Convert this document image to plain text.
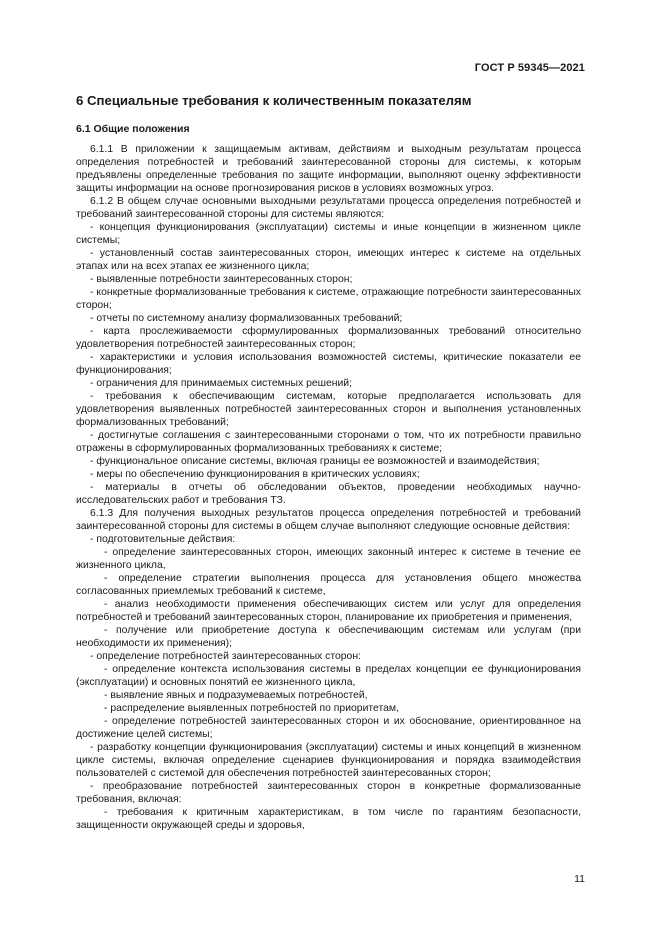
ГОСТ Р 59345—2021
6 Специальные требования к количественным показателям
6.1 Общие положения

6.1.1 В приложении к защищаемым активам, действиям и выходным результатам процесса определения потребностей и требований заинтересованной стороны для системы, к которым предъявлены определенные требования по защите информации, выполняют оценку эффективности защиты информации на основе прогнозирования рисков в условиях возможных угроз.

6.1.2 В общем случае основными выходными результатами процесса определения потребностей и требований заинтересованной стороны для системы являются:

- концепция функционирования (эксплуатации) системы и иные концепции в жизненном цикле системы;

- установленный состав заинтересованных сторон, имеющих интерес к системе на отдельных этапах или на всех этапах ее жизненного цикла;

- выявленные потребности заинтересованных сторон;

- конкретные формализованные требования к системе, отражающие потребности заинтересованных сторон;

- отчеты по системному анализу формализованных требований;

- карта прослеживаемости сформулированных формализованных требований относительно удовлетворения потребностей заинтересованных сторон;

- характеристики и условия использования возможностей системы, критические показатели ее функционирования;

- ограничения для принимаемых системных решений;

- требования к обеспечивающим системам, которые предполагается использовать для удовлетворения выявленных потребностей заинтересованных сторон и выполнения установленных формализованных требований;

- достигнутые соглашения с заинтересованными сторонами о том, что их потребности правильно отражены в сформулированных формализованных требованиях к системе;

- функциональное описание системы, включая границы ее возможностей и взаимодействия;

- меры по обеспечению функционирования в критических условиях;

- материалы в отчеты об обследовании объектов, проведении необходимых научно-исследовательских работ и требования ТЗ.

6.1.3 Для получения выходных результатов процесса определения потребностей и требований заинтересованной стороны для системы в общем случае выполняют следующие основные действия:

- подготовительные действия:

- определение заинтересованных сторон, имеющих законный интерес к системе в течение ее жизненного цикла,

- определение стратегии выполнения процесса для установления общего множества согласованных приемлемых требований к системе,

- анализ необходимости применения обеспечивающих систем или услуг для определения потребностей и требований заинтересованных сторон, планирование их приобретения и применения,

- получение или приобретение доступа к обеспечивающим системам или услугам (при необходимости их применения);

- определение потребностей заинтересованных сторон:

- определение контекста использования системы в пределах концепции ее функционирования (эксплуатации) и основных понятий ее жизненного цикла,

- выявление явных и подразумеваемых потребностей,

- распределение выявленных потребностей по приоритетам,

- определение потребностей заинтересованных сторон и их обоснование, ориентированное на достижение целей системы;

- разработку концепции функционирования (эксплуатации) системы и иных концепций в жизненном цикле системы, включая определение сценариев функционирования и порядка взаимодействия пользователей с системой для обеспечения потребностей заинтересованных сторон;

- преобразование потребностей заинтересованных сторон в конкретные формализованные требования, включая:

- требования к критичным характеристикам, в том числе по гарантиям безопасности, защищенности окружающей среды и здоровья,

11
